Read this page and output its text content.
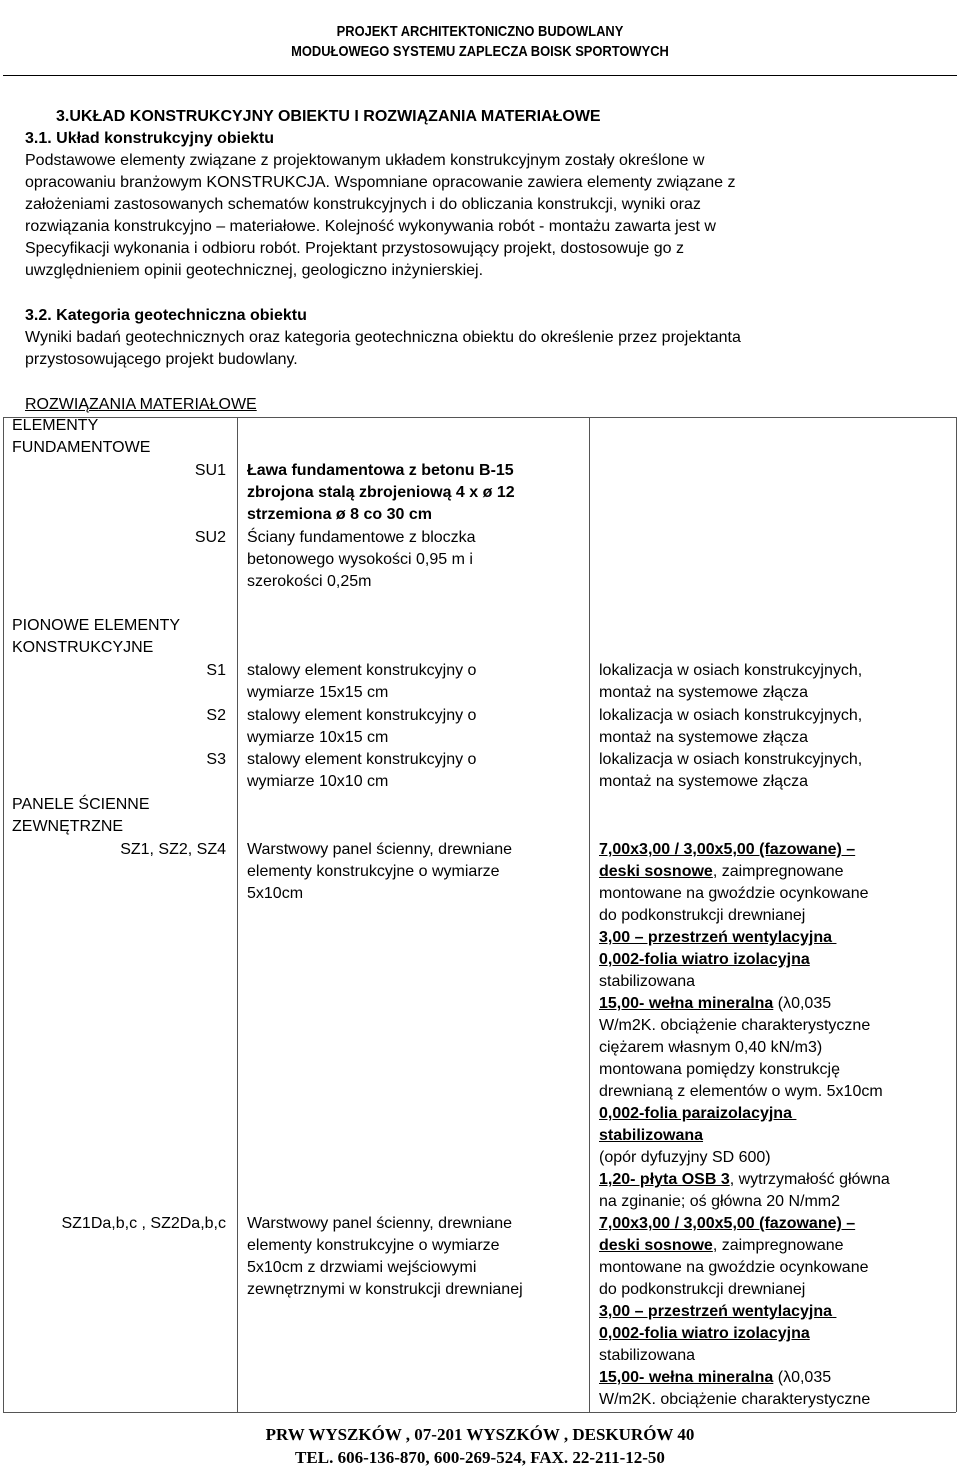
PROJEKT ARCHITEKTONICZNO BUDOWLANY
MODUŁOWEGO SYSTEMU ZAPLECZA BOISK SPORTOWYCH
3.UKŁAD KONSTRUKCYJNY OBIEKTU I ROZWIĄZANIA MATERIAŁOWE
3.1. Układ konstrukcyjny obiektu
Podstawowe elementy związane z projektowanym układem konstrukcyjnym zostały określone w
opracowaniu branżowym KONSTRUKCJA. Wspomniane opracowanie zawiera elementy związane z
założeniami zastosowanych schematów konstrukcyjnych i do obliczania konstrukcji, wyniki oraz
rozwiązania konstrukcyjno – materiałowe. Kolejność wykonywania robót - montażu zawarta jest w
Specyfikacji wykonania i odbioru robót. Projektant przystosowujący projekt, dostosowuje go z
uwzględnieniem opinii geotechnicznej, geologiczno inżynierskiej.
3.2. Kategoria geotechniczna obiektu
Wyniki badań geotechnicznych oraz kategoria geotechniczna obiektu do określenie przez projektanta
przystosowującego projekt budowlany.
ROZWIĄZANIA MATERIAŁOWE
ELEMENTY
FUNDAMENTOWE
SU1 Ława fundamentowa z betonu B-15
zbrojona stalą zbrojeniową 4 x ø 12
strzemiona ø 8 co 30 cm
SU2 Ściany fundamentowe z bloczka
betonowego wysokości 0,95 m i
szerokości 0,25m
PIONOWE ELEMENTY
KONSTRUKCYJNE
S1 stalowy element konstrukcyjny o
wymiarze 15x15 cm
lokalizacja w osiach konstrukcyjnych,
montaż na systemowe złącza
S2 stalowy element konstrukcyjny o
wymiarze 10x15 cm
lokalizacja w osiach konstrukcyjnych,
montaż na systemowe złącza
S3 stalowy element konstrukcyjny o
wymiarze 10x10 cm
lokalizacja w osiach konstrukcyjnych,
montaż na systemowe złącza
PANELE ŚCIENNE
ZEWNĘTRZNE
SZ1, SZ2, SZ4 Warstwowy panel ścienny, drewniane
elementy konstrukcyjne o wymiarze
5x10cm
7,00x3,00 / 3,00x5,00 (fazowane) –
deski sosnowe, zaimpregnowane
montowane na gwoździe ocynkowane
do podkonstrukcji drewnianej
3,00 – przestrzeń wentylacyjna
0,002-folia wiatro izolacyjna
stabilizowana
15,00- wełna mineralna (λ0,035
W/m2K. obciążenie charakterystyczne
ciężarem własnym 0,40 kN/m3)
montowana pomiędzy konstrukcję
drewnianą z elementów o wym. 5x10cm
0,002-folia paraizolacyjna
stabilizowana
(opór dyfuzyjny SD 600)
1,20- płyta OSB 3, wytrzymałość główna
na zginanie; oś główna 20 N/mm2
SZ1Da,b,c , SZ2Da,b,c Warstwowy panel ścienny, drewniane
elementy konstrukcyjne o wymiarze
5x10cm z drzwiami wejściowymi
zewnętrznymi w konstrukcji drewnianej
7,00x3,00 / 3,00x5,00 (fazowane) –
deski sosnowe, zaimpregnowane
montowane na gwoździe ocynkowane
do podkonstrukcji drewnianej
3,00 – przestrzeń wentylacyjna
0,002-folia wiatro izolacyjna
stabilizowana
15,00- wełna mineralna (λ0,035
W/m2K. obciążenie charakterystyczne
PRW WYSZKÓW , 07-201 WYSZKÓW , DESKURÓW 40
TEL. 606-136-870, 600-269-524, FAX. 22-211-12-50
